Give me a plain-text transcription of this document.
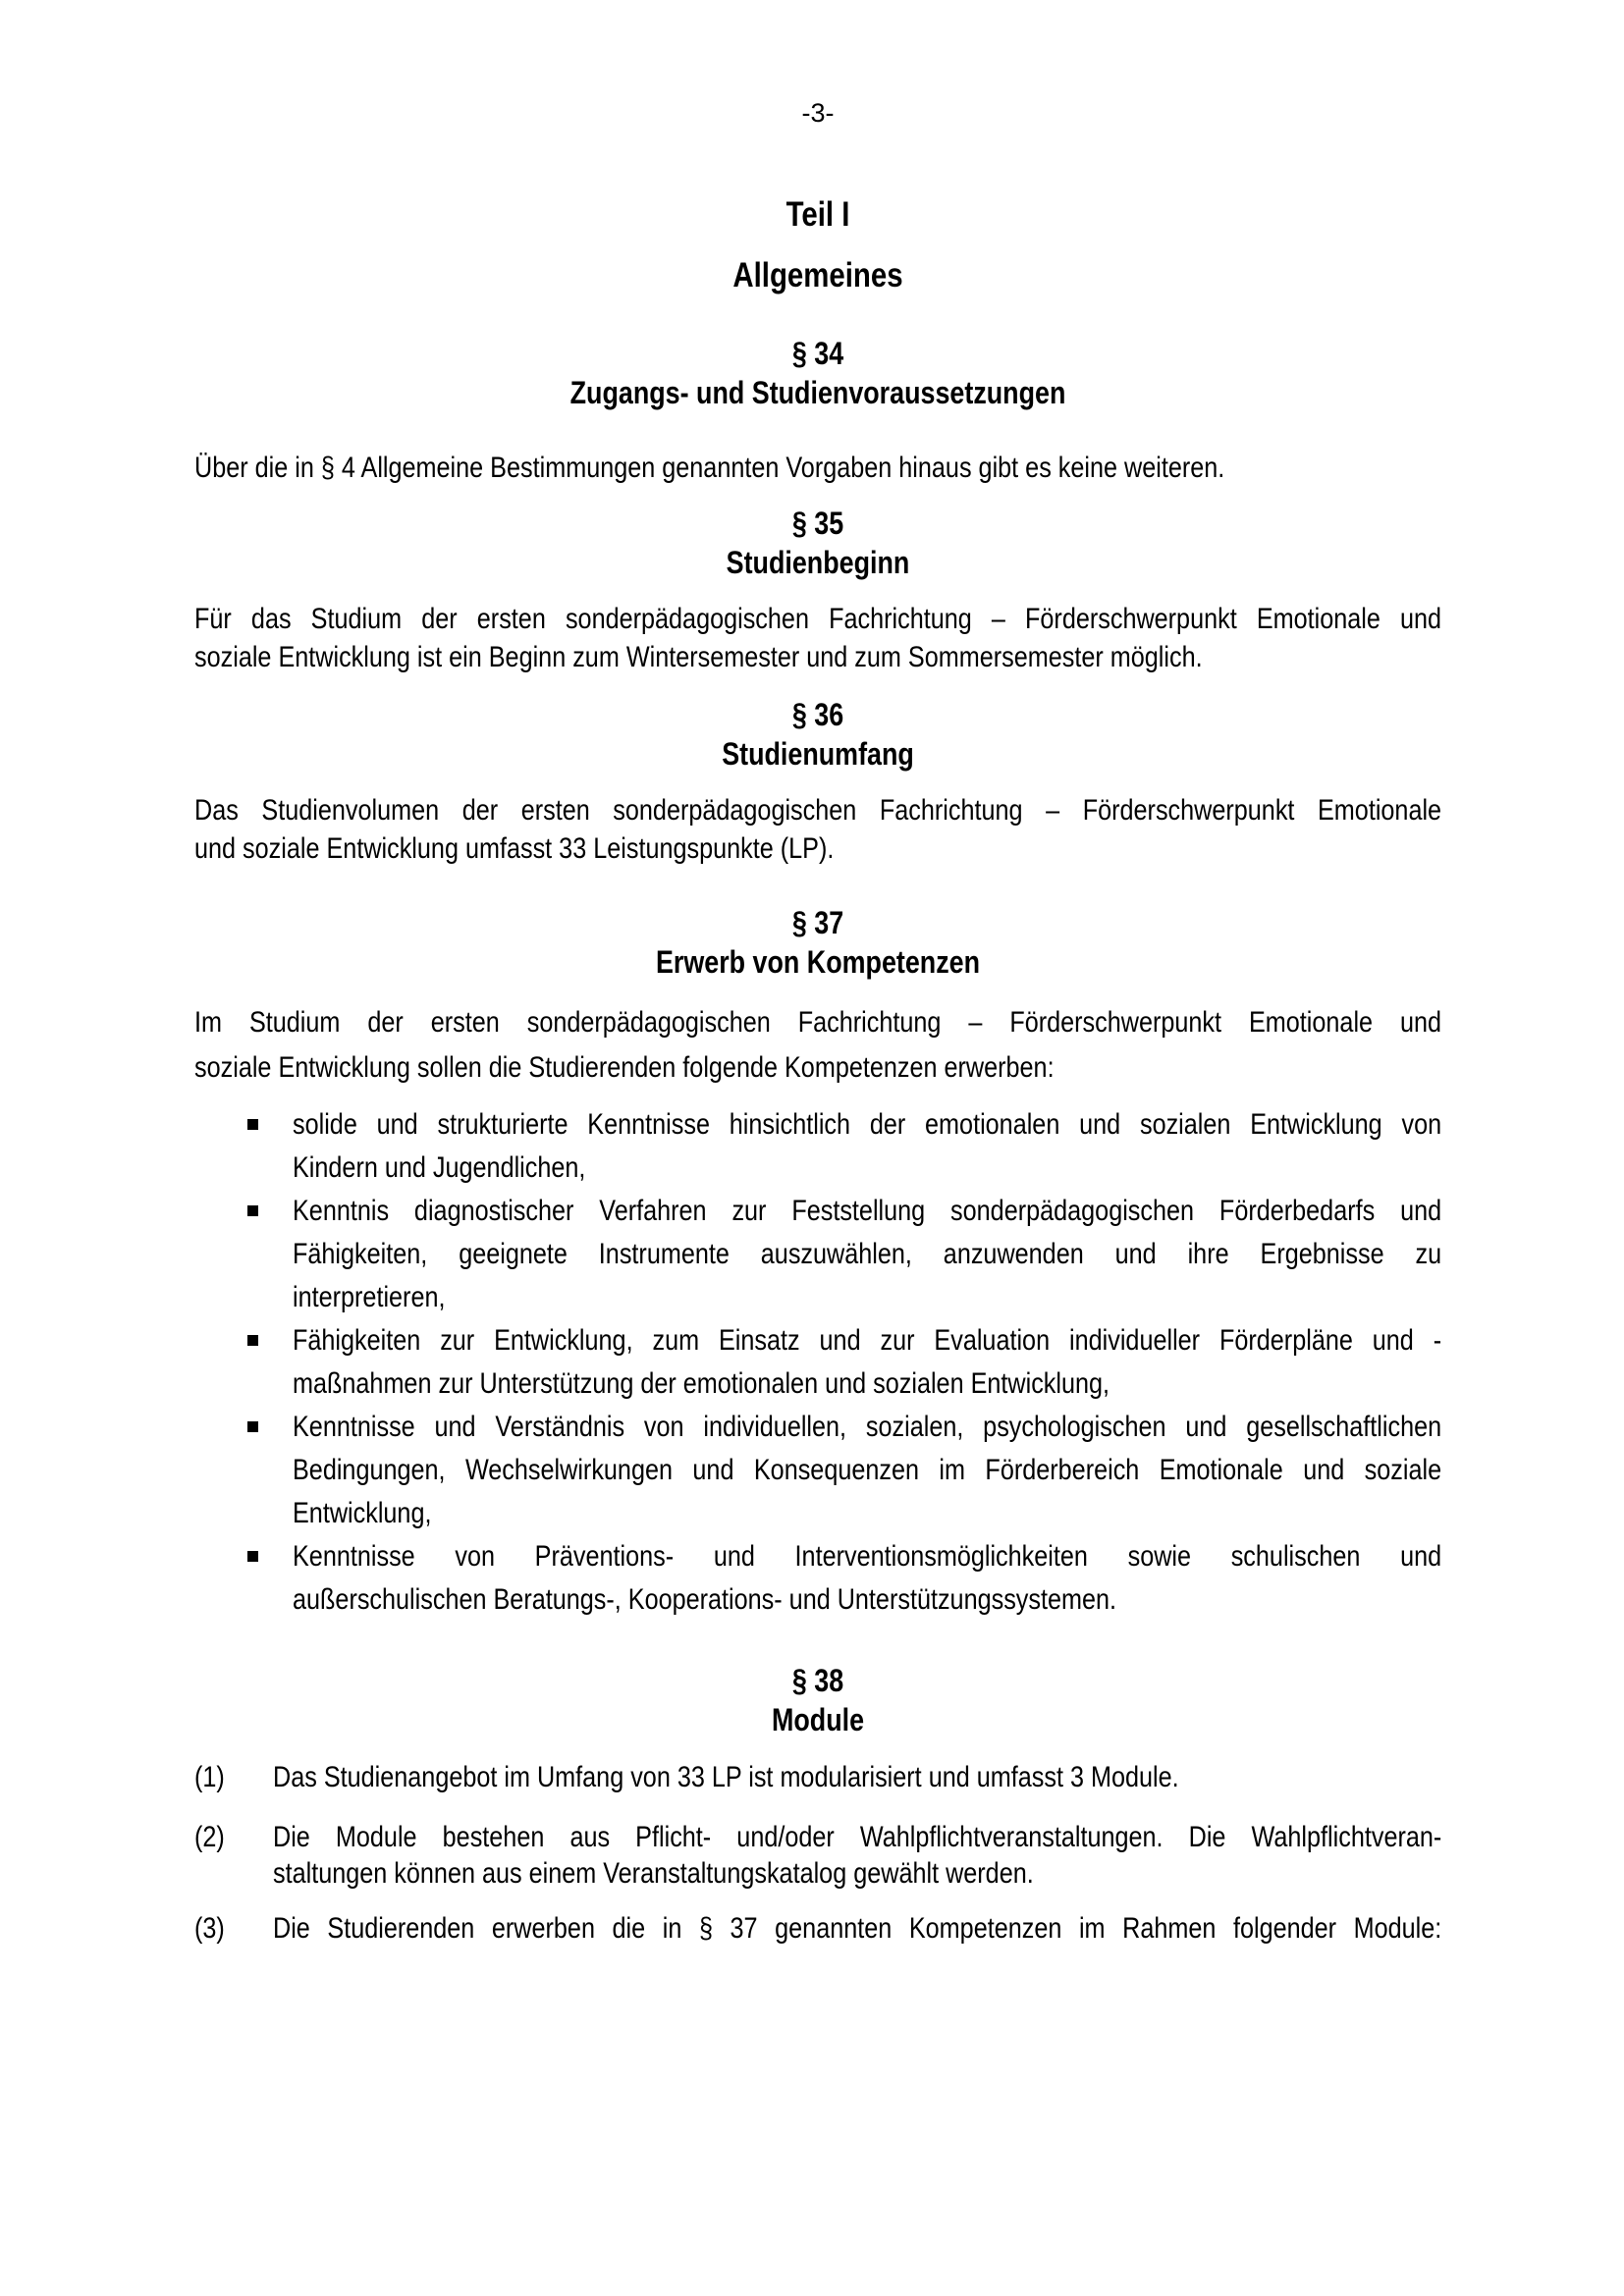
-3-
Teil I
Allgemeines
§ 34
Zugangs- und Studienvoraussetzungen
Über die in § 4 Allgemeine Bestimmungen genannten Vorgaben hinaus gibt es keine weiteren.
§ 35
Studienbeginn
Für das Studium der ersten sonderpädagogischen Fachrichtung – Förderschwerpunkt Emotionale und
soziale Entwicklung ist ein Beginn zum Wintersemester und zum Sommersemester möglich.
§ 36
Studienumfang
Das Studienvolumen der ersten sonderpädagogischen Fachrichtung – Förderschwerpunkt Emotionale
und soziale Entwicklung umfasst 33 Leistungspunkte (LP).
§ 37
Erwerb von Kompetenzen
Im Studium der ersten sonderpädagogischen Fachrichtung – Förderschwerpunkt Emotionale und
soziale Entwicklung sollen die Studierenden folgende Kompetenzen erwerben:
solide und strukturierte Kenntnisse hinsichtlich der emotionalen und sozialen Entwicklung von
Kindern und Jugendlichen,
Kenntnis diagnostischer Verfahren zur Feststellung sonderpädagogischen Förderbedarfs und
Fähigkeiten, geeignete Instrumente auszuwählen, anzuwenden und ihre Ergebnisse zu
interpretieren,
Fähigkeiten zur Entwicklung, zum Einsatz und zur Evaluation individueller Förderpläne und -
maßnahmen zur Unterstützung der emotionalen und sozialen Entwicklung,
Kenntnisse und Verständnis von individuellen, sozialen, psychologischen und gesellschaftlichen
Bedingungen, Wechselwirkungen und Konsequenzen im Förderbereich Emotionale und soziale
Entwicklung,
Kenntnisse von Präventions- und Interventionsmöglichkeiten sowie schulischen und
außerschulischen Beratungs-, Kooperations- und Unterstützungssystemen.
§ 38
Module
(1) Das Studienangebot im Umfang von 33 LP ist modularisiert und umfasst 3 Module.
(2) Die Module bestehen aus Pflicht- und/oder Wahlpflichtveranstaltungen. Die Wahlpflichtveran-
staltungen können aus einem Veranstaltungskatalog gewählt werden.
(3) Die Studierenden erwerben die in § 37 genannten Kompetenzen im Rahmen folgender Module:
